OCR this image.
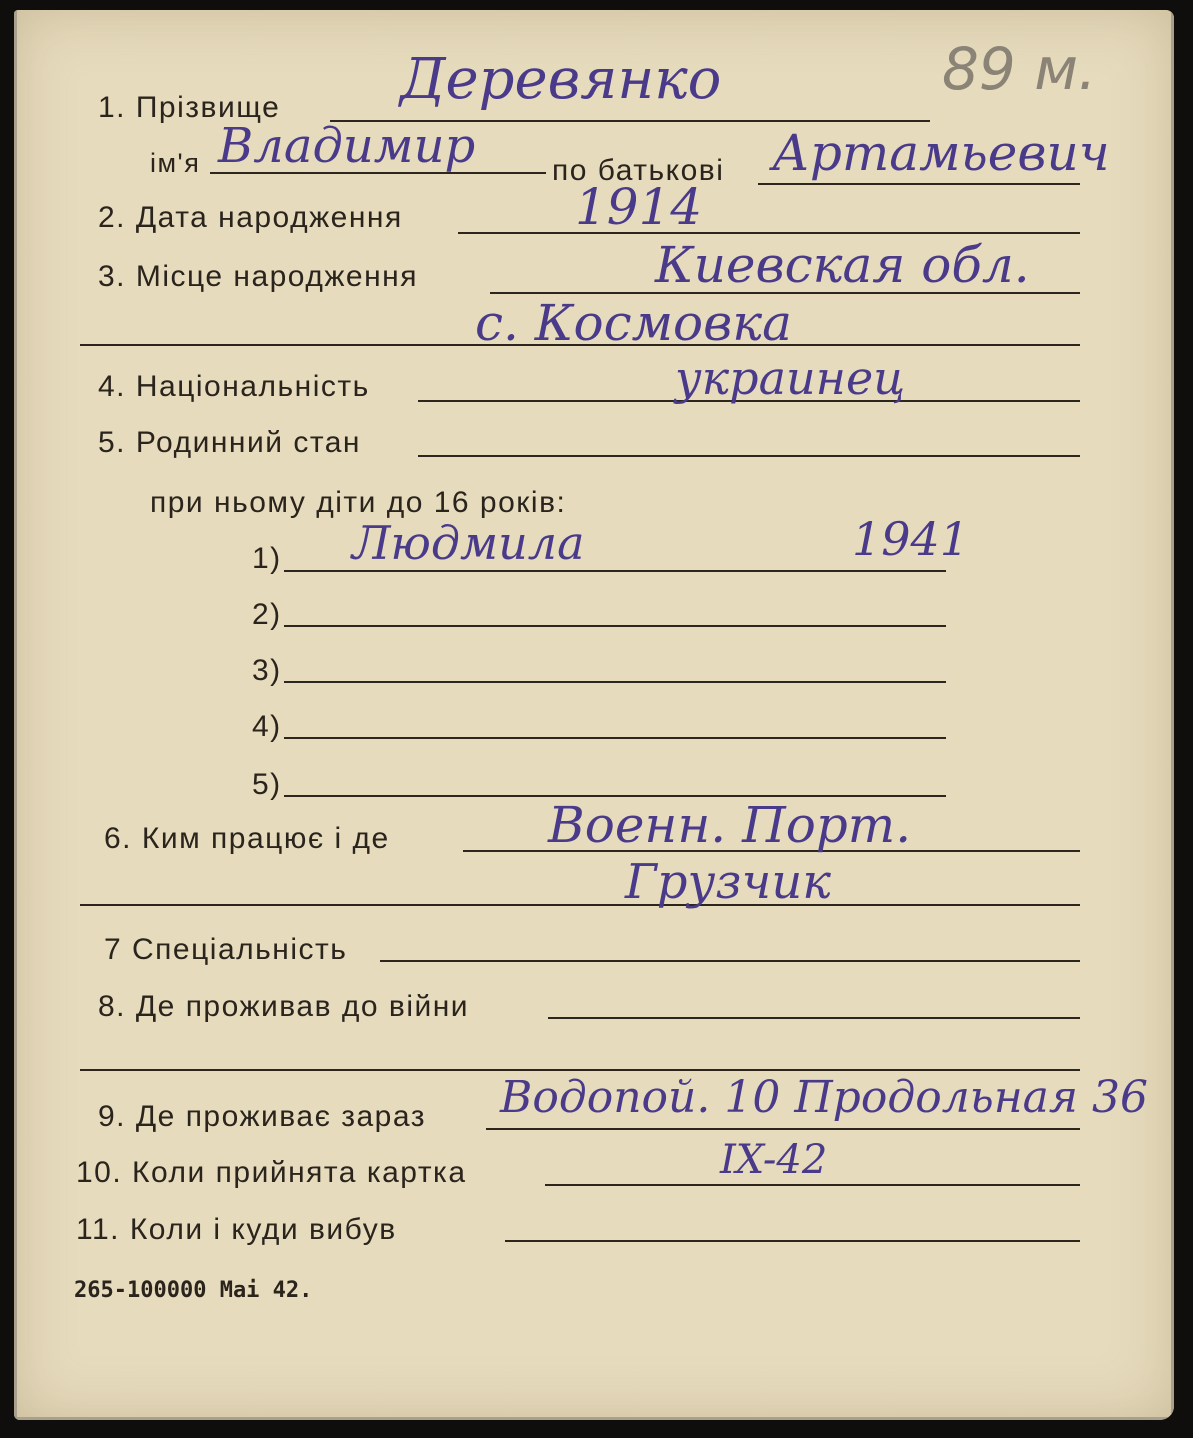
1. Прізвище Деревянко	89 м.
ім'я Владимир	по батькові Артамьевич
2. Дата народження	1914
3. Місце народження	Киевская обл.
с. Космовка
4. Національність	украинец
5. Родинний стан
при ньому діти до 16 років:
1) Людмила	1941
2)
3)
4)
5)
6. Ким працює і де	Военн. Порт.
Грузчик
7 Спеціальність
8. Де проживав до війни
9. Де проживає зараз Водопой. 10 Продольная 36
10. Коли прийнята картка	IX-42
11. Коли і куди вибув
265-100000 Mai 42.
